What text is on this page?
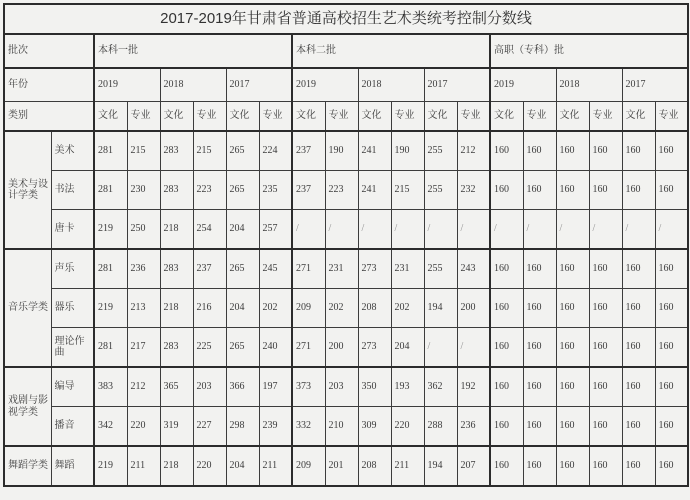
2017-2019年甘肃省普通高校招生艺术类统考控制分数线																			
批次		本科一批						本科二批						高职（专科）批					
年份		2019		2018		2017		2019		2018		2017		2019		2018		2017	
类别		文化	专业	文化	专业	文化	专业	文化	专业	文化	专业	文化	专业	文化	专业	文化	专业	文化	专业
美术与设计学类	美术	281	215	283	215	265	224	237	190	241	190	255	212	160	160	160	160	160	160
	书法	281	230	283	223	265	235	237	223	241	215	255	232	160	160	160	160	160	160
	唐卡	219	250	218	254	204	257	/	/	/	/	/	/	/	/	/	/	/	/
音乐学类	声乐	281	236	283	237	265	245	271	231	273	231	255	243	160	160	160	160	160	160
	器乐	219	213	218	216	204	202	209	202	208	202	194	200	160	160	160	160	160	160
	理论作曲	281	217	283	225	265	240	271	200	273	204	/	/	160	160	160	160	160	160
戏剧与影视学类	编导	383	212	365	203	366	197	373	203	350	193	362	192	160	160	160	160	160	160
	播音	342	220	319	227	298	239	332	210	309	220	288	236	160	160	160	160	160	160
舞蹈学类	舞蹈	219	211	218	220	204	211	209	201	208	211	194	207	160	160	160	160	160	160
